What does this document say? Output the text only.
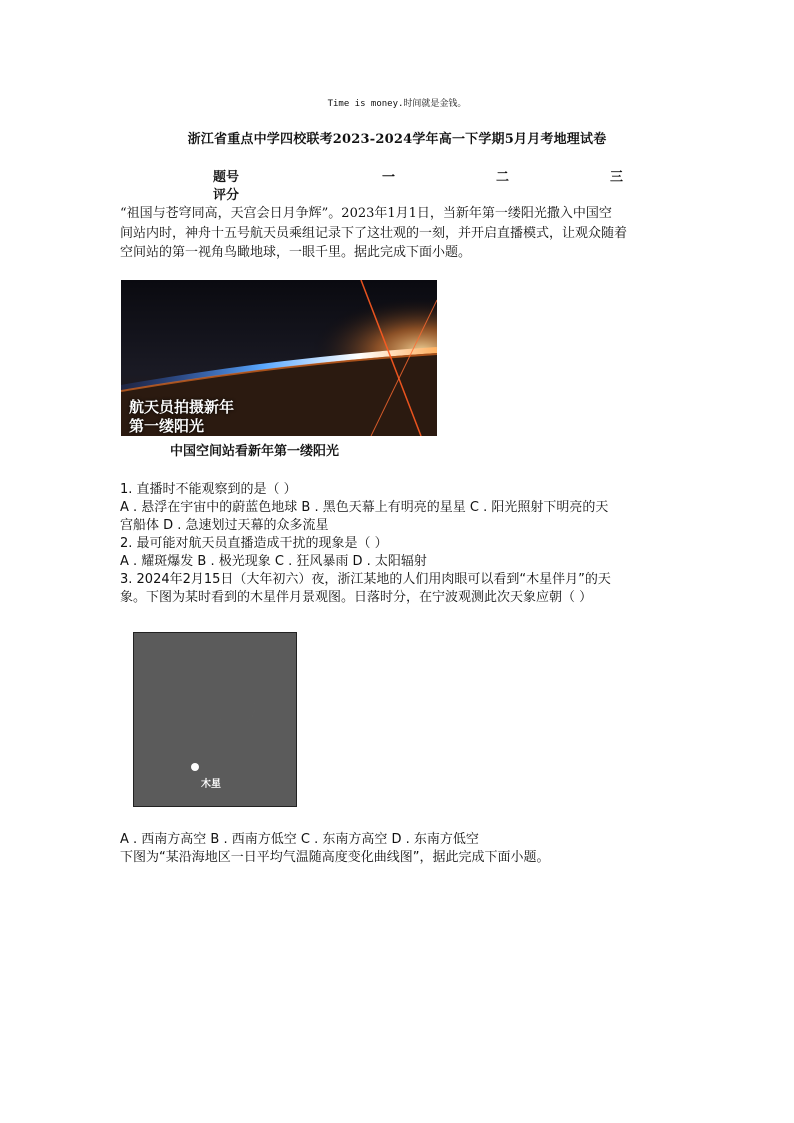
Time is money.时间就是金钱。
浙江省重点中学四校联考2023-2024学年高一下学期5月月考地理试卷
题号
评分
一	二	三
“祖国与苍穹同高，天宫会日月争辉”。2023年1月1日，当新年第一缕阳光撒入中国空
间站内时，神舟十五号航天员乘组记录下了这壮观的一刻，并开启直播模式，让观众随着
空间站的第一视角鸟瞰地球，一眼千里。据此完成下面小题。
航天员拍摄新年
第一缕阳光
中国空间站看新年第一缕阳光
1. 直播时不能观察到的是（ ）
A . 悬浮在宇宙中的蔚蓝色地球 B . 黑色天幕上有明亮的星星 C . 阳光照射下明亮的天
宫船体 D . 急速划过天幕的众多流星
2. 最可能对航天员直播造成干扰的现象是（ ）
A . 耀斑爆发 B . 极光现象 C . 狂风暴雨 D . 太阳辐射
3. 2024年2月15日（大年初六）夜，浙江某地的人们用肉眼可以看到“木星伴月”的天
象。下图为某时看到的木星伴月景观图。日落时分，在宁波观测此次天象应朝（ ）
木星
A . 西南方高空 B . 西南方低空 C . 东南方高空 D . 东南方低空
下图为“某沿海地区一日平均气温随高度变化曲线图”，据此完成下面小题。
